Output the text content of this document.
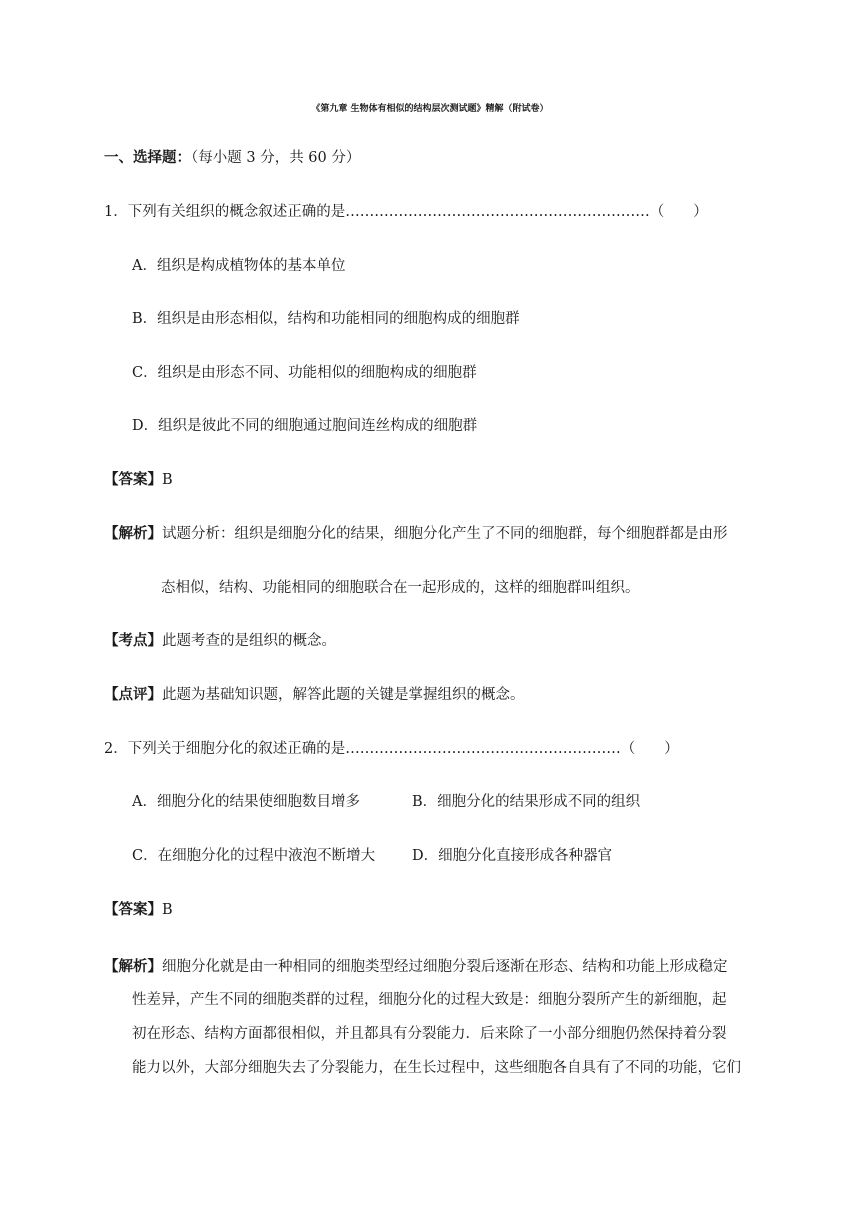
《第九章 生物体有相似的结构层次测试题》精解（附试卷）
一、选择题：（每小题 3 分，共 60 分）
1．下列有关组织的概念叙述正确的是………………………………………………………（　　）
A．组织是构成植物体的基本单位
B．组织是由形态相似，结构和功能相同的细胞构成的细胞群
C．组织是由形态不同、功能相似的细胞构成的细胞群
D．组织是彼此不同的细胞通过胞间连丝构成的细胞群
【答案】B
【解析】试题分析：组织是细胞分化的结果，细胞分化产生了不同的细胞群，每个细胞群都是由形
态相似，结构、功能相同的细胞联合在一起形成的，这样的细胞群叫组织。
【考点】此题考查的是组织的概念。
【点评】此题为基础知识题，解答此题的关键是掌握组织的概念。
2．下列关于细胞分化的叙述正确的是…………………………………………………（　　）
A．细胞分化的结果使细胞数目增多	B．细胞分化的结果形成不同的组织
C．在细胞分化的过程中液泡不断增大	D．细胞分化直接形成各种器官
【答案】B
【解析】细胞分化就是由一种相同的细胞类型经过细胞分裂后逐渐在形态、结构和功能上形成稳定
性差异，产生不同的细胞类群的过程，细胞分化的过程大致是：细胞分裂所产生的新细胞，起
初在形态、结构方面都很相似，并且都具有分裂能力．后来除了一小部分细胞仍然保持着分裂
能力以外，大部分细胞失去了分裂能力，在生长过程中，这些细胞各自具有了不同的功能，它们
